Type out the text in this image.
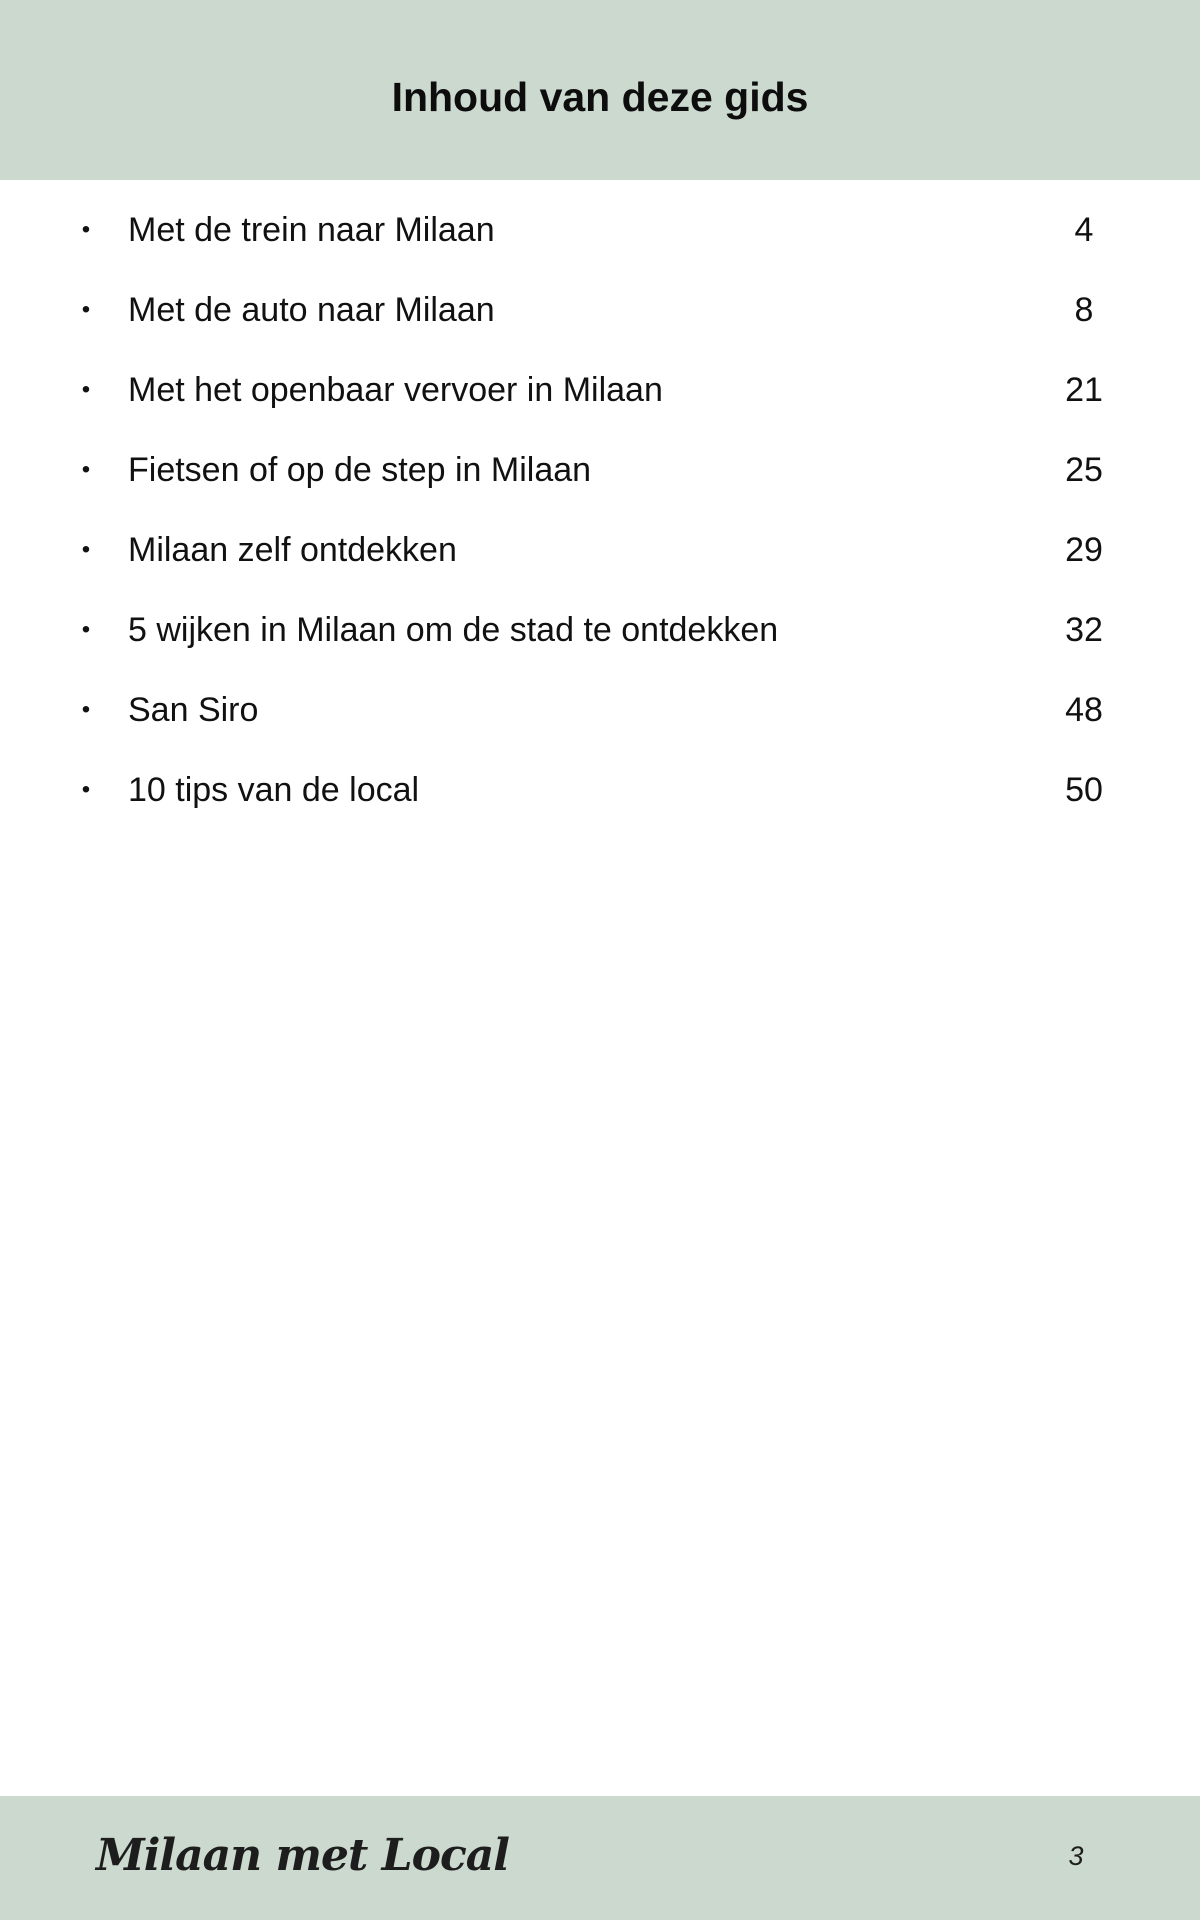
Inhoud van deze gids
• Met de trein naar Milaan	4
• Met de auto naar Milaan	8
• Met het openbaar vervoer in Milaan	21
• Fietsen of op de step in Milaan	25
• Milaan zelf ontdekken	29
• 5 wijken in Milaan om de stad te ontdekken	32
• San Siro	48
• 10 tips van de local	50
Milaan met Local	3
